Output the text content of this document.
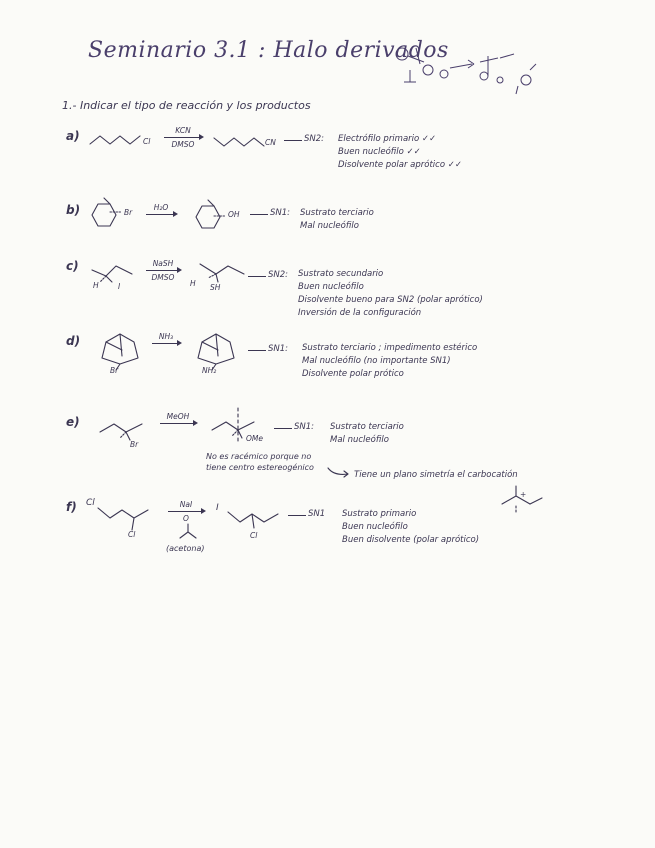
Seminario 3.1 : Halo derivados
1.- Indicar el tipo de reacción y los productos
a)	Cl
KCN
DMSO	CN	SN2: Electrófilo primario ✓✓
Buen nucleófilo ✓✓
Disolvente polar aprótico ✓✓
b)	Br
H₂O
OH	SN1: Sustrato terciario
Mal nucleófilo
c)
H	I
NaSH
DMSO
H SH
SN2: Sustrato secundario
Buen nucleófilo
Disolvente bueno para SN2 (polar aprótico)
Inversión de la configuración
d)
Br
NH₃
NH₂
SN1: Sustrato terciario ; impedimento estérico
Mal nucleófilo (no importante SN1)
Disolvente polar prótico
e)
Br
MeOH
OMe
SN1: Sustrato terciario
Mal nucleófilo
No es racémico porque no
tiene centro estereogénico
Tiene un plano simetría el carbocatión
+
f) Cl
Cl
NaI
O
(acetona)
I
Cl
SN1 Sustrato primario
Buen nucleófilo
Buen disolvente (polar aprótico)
